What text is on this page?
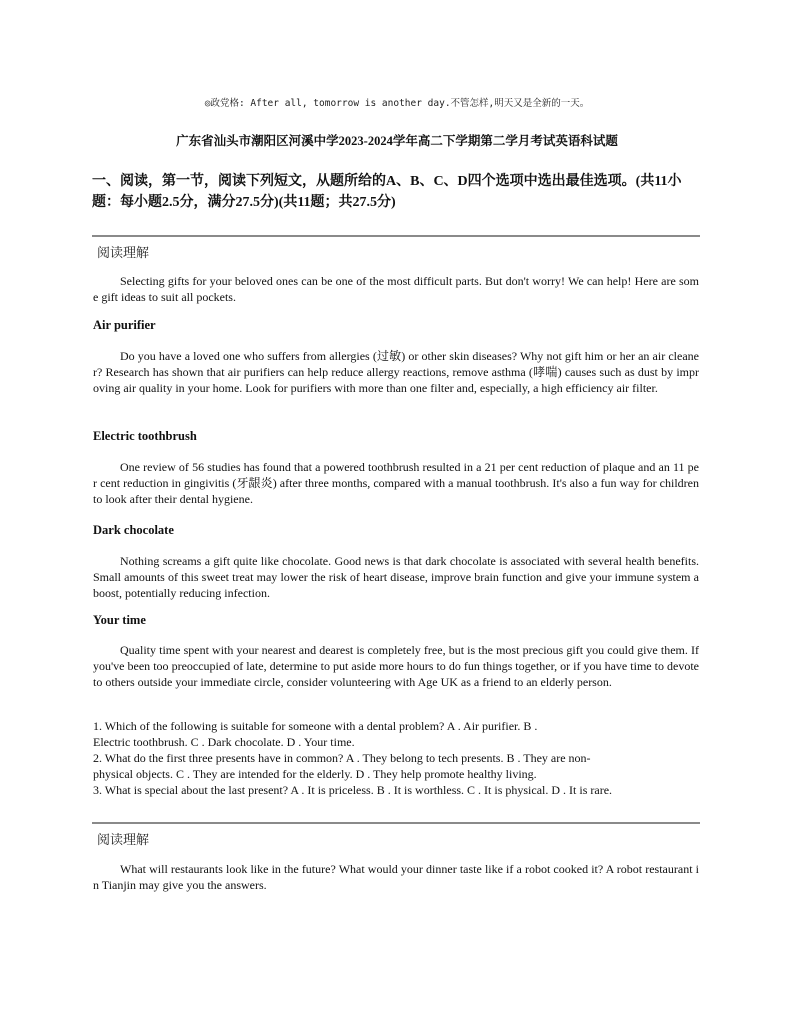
◎政党格: After all, tomorrow is another day.不管怎样,明天又是全新的一天。
广东省汕头市潮阳区河溪中学2023-2024学年高二下学期第二学月考试英语科试题
一、阅读，第一节，阅读下列短文，从题所给的A、B、C、D四个选项中选出最佳选项。(共11小题：每小题2.5分，满分27.5分)(共11题；共27.5分)
阅读理解
Selecting gifts for your beloved ones can be one of the most difficult parts. But don't worry! We can help! Here are some gift ideas to suit all pockets.
Air purifier
Do you have a loved one who suffers from allergies (过敏) or other skin diseases? Why not gift him or her an air cleaner? Research has shown that air purifiers can help reduce allergy reactions, remove asthma (哮喘) causes such as dust by improving air quality in your home. Look for purifiers with more than one filter and, especially, a high efficiency air filter.
Electric toothbrush
One review of 56 studies has found that a powered toothbrush resulted in a 21 per cent reduction of plaque and an 11 per cent reduction in gingivitis (牙龈炎) after three months, compared with a manual toothbrush. It's also a fun way for children to look after their dental hygiene.
Dark chocolate
Nothing screams a gift quite like chocolate. Good news is that dark chocolate is associated with several health benefits. Small amounts of this sweet treat may lower the risk of heart disease, improve brain function and give your immune system a boost, potentially reducing infection.
Your time
Quality time spent with your nearest and dearest is completely free, but is the most precious gift you could give them. If you've been too preoccupied of late, determine to put aside more hours to do fun things together, or if you have time to devote to others outside your immediate circle, consider volunteering with Age UK as a friend to an elderly person.
1. Which of the following is suitable for someone with a dental problem? A . Air purifier. B .
Electric toothbrush. C . Dark chocolate. D . Your time.
2. What do the first three presents have in common? A . They belong to tech presents. B . They are non-
physical objects. C . They are intended for the elderly. D . They help promote healthy living.
3. What is special about the last present? A . It is priceless. B . It is worthless. C . It is physical. D . It is rare.
阅读理解
What will restaurants look like in the future? What would your dinner taste like if a robot cooked it? A robot restaurant in Tianjin may give you the answers.
